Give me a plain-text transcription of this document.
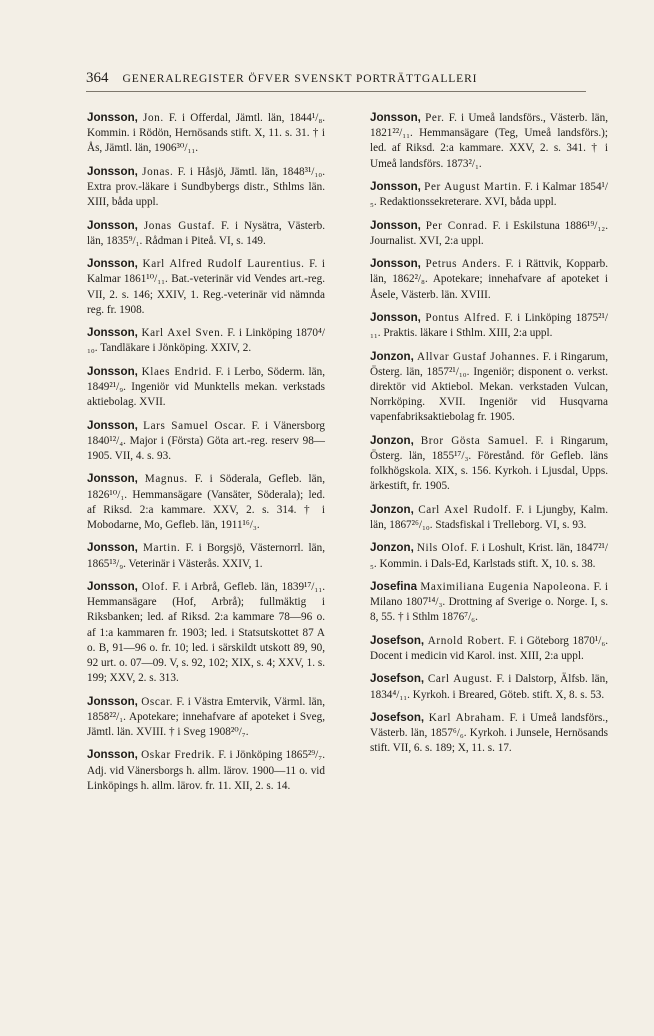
364 GENERALREGISTER ÖFVER SVENSKT PORTRÄTTGALLERI

Jonsson, Jon. F. i Offerdal, Jämtl. län, 1844¹/₈. Kommin. i Rödön, Hernösands stift. X, 11. s. 31. † i Ås, Jämtl. län, 1906³⁰/₁₁.

Jonsson, Jonas. F. i Håsjö, Jämtl. län, 1848³¹/₁₀. Extra prov.-läkare i Sundbybergs distr., Sthlms län. XIII, båda uppl.

Jonsson, Jonas Gustaf. F. i Nysätra, Västerb. län, 1835⁹/₁. Rådman i Piteå. VI, s. 149.

Jonsson, Karl Alfred Rudolf Laurentius. F. i Kalmar 1861¹⁰/₁₁. Bat.-veterinär vid Vendes art.-reg. VII, 2. s. 146; XXIV, 1. Reg.-veterinär vid nämnda reg. fr. 1908.

Jonsson, Karl Axel Sven. F. i Linköping 1870⁴/₁₀. Tandläkare i Jönköping. XXIV, 2.

Jonsson, Klaes Endrid. F. i Lerbo, Söderm. län, 1849²¹/₉. Ingeniör vid Munktells mekan. verkstads aktiebolag. XVII.

Jonsson, Lars Samuel Oscar. F. i Vänersborg 1840¹²/₄. Major i (Första) Göta art.-reg. reserv 98—1905. VII, 4. s. 93.

Jonsson, Magnus. F. i Söderala, Gefleb. län, 1826¹⁰/₁. Hemmansägare (Vansäter, Söderala); led. af Riksd. 2:a kammare. XXV, 2. s. 314. † i Mobodarne, Mo, Gefleb. län, 1911¹⁶/₃.

Jonsson, Martin. F. i Borgsjö, Västernorrl. län, 1865¹³/₉. Veterinär i Västerås. XXIV, 1.

Jonsson, Olof. F. i Arbrå, Gefleb. län, 1839¹⁷/₁₁. Hemmansägare (Hof, Arbrå); fullmäktig i Riksbanken; led. af Riksd. 2:a kammare 78—96 o. af 1:a kammaren fr. 1903; led. i Statsutskottet 87 A o. B, 91—96 o. fr. 10; led. i särskildt utskott 89, 90, 92 urt. o. 07—09. V, s. 92, 102; XIX, s. 4; XXV, 1. s. 199; XXV, 2. s. 313.

Jonsson, Oscar. F. i Västra Emtervik, Värml. län, 1858²²/₁. Apotekare; innehafvare af apoteket i Sveg, Jämtl. län. XVIII. † i Sveg 1908²⁰/₇.

Jonsson, Oskar Fredrik. F. i Jönköping 1865²⁹/₇. Adj. vid Vänersborgs h. allm. lärov. 1900—11 o. vid Linköpings h. allm. lärov. fr. 11. XII, 2. s. 14.

Jonsson, Per. F. i Umeå landsförs., Västerb. län, 1821²²/₁₁. Hemmansägare (Teg, Umeå landsförs.); led. af Riksd. 2:a kammare. XXV, 2. s. 341. † i Umeå landsförs. 1873²/₁.

Jonsson, Per August Martin. F. i Kalmar 1854¹/₅. Redaktionssekreterare. XVI, båda uppl.

Jonsson, Per Conrad. F. i Eskilstuna 1886¹⁹/₁₂. Journalist. XVI, 2:a uppl.

Jonsson, Petrus Anders. F. i Rättvik, Kopparb. län, 1862²/₈. Apotekare; innehafvare af apoteket i Åsele, Västerb. län. XVIII.

Jonsson, Pontus Alfred. F. i Linköping 1875²¹/₁₁. Praktis. läkare i Sthlm. XIII, 2:a uppl.

Jonzon, Allvar Gustaf Johannes. F. i Ringarum, Österg. län, 1857²¹/₁₀. Ingeniör; disponent o. verkst. direktör vid Aktiebol. Mekan. verkstaden Vulcan, Norrköping. XVII. Ingeniör vid Husqvarna vapenfabriksaktiebolag fr. 1905.

Jonzon, Bror Gösta Samuel. F. i Ringarum, Österg. län, 1855¹⁷/₃. Förestånd. för Gefleb. läns folkhögskola. XIX, s. 156. Kyrkoh. i Ljusdal, Upps. ärkestift, fr. 1905.

Jonzon, Carl Axel Rudolf. F. i Ljungby, Kalm. län, 1867²⁶/₁₀. Stadsfiskal i Trelleborg. VI, s. 93.

Jonzon, Nils Olof. F. i Loshult, Krist. län, 1847²¹/₅. Kommin. i Dals-Ed, Karlstads stift. X, 10. s. 38.

Josefina Maximiliana Eugenia Napoleona. F. i Milano 1807¹⁴/₃. Drottning af Sverige o. Norge. I, s. 8, 55. † i Sthlm 1876⁷/₆.

Josefson, Arnold Robert. F. i Göteborg 1870¹/₆. Docent i medicin vid Karol. inst. XIII, 2:a uppl.

Josefson, Carl August. F. i Dalstorp, Älfsb. län, 1834⁴/₁₁. Kyrkoh. i Breared, Göteb. stift. X, 8. s. 53.

Josefson, Karl Abraham. F. i Umeå landsförs., Västerb. län, 1857⁶/₆. Kyrkoh. i Junsele, Hernösands stift. VII, 6. s. 189; X, 11. s. 17.
